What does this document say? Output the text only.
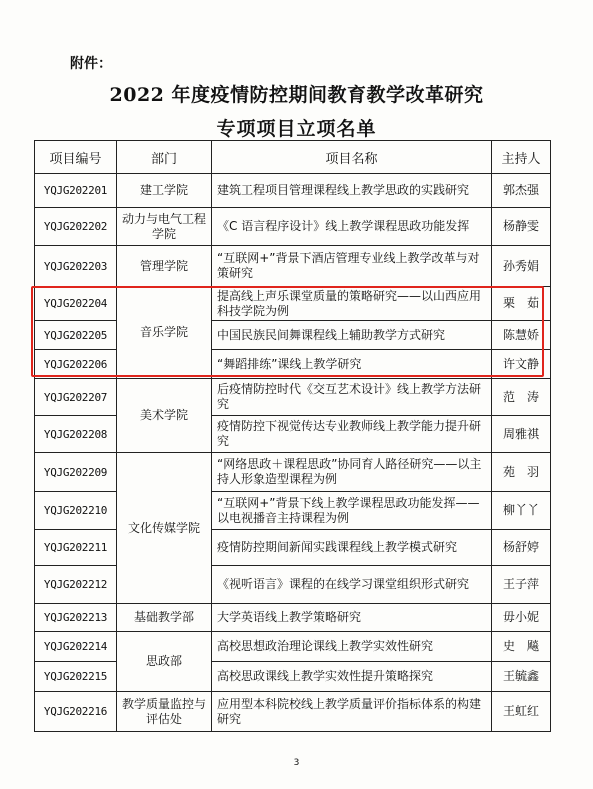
附件：
2022 年度疫情防控期间教育教学改革研究
专项项目立项名单
项目编号	部门	项目名称	主持人
YQJG202201	建工学院	建筑工程项目管理课程线上教学思政的实践研究	郭杰强
YQJG202202	动力与电气工程学院	《C 语言程序设计》线上教学课程思政功能发挥	杨静雯
YQJG202203	管理学院	“互联网+”背景下酒店管理专业线上教学改革与对策研究	孙秀娟
YQJG202204	音乐学院	提高线上声乐课堂质量的策略研究——以山西应用科技学院为例	栗　茹
YQJG202205		中国民族民间舞课程线上辅助教学方式研究	陈慧娇
YQJG202206		“舞蹈排练”课线上教学研究	许文静
YQJG202207	美术学院	后疫情防控时代《交互艺术设计》线上教学方法研究	范　涛
YQJG202208		疫情防控下视觉传达专业教师线上教学能力提升研究	周雅祺
YQJG202209	文化传媒学院	“网络思政＋课程思政”协同育人路径研究——以主持人形象造型课程为例	苑　羽
YQJG202210		“互联网+”背景下线上教学课程思政功能发挥——以电视播音主持课程为例	柳丫丫
YQJG202211		疫情防控期间新闻实践课程线上教学模式研究	杨舒婷
YQJG202212		《视听语言》课程的在线学习课堂组织形式研究	王子萍
YQJG202213	基础教学部	大学英语线上教学策略研究	毋小妮
YQJG202214	思政部	高校思想政治理论课线上教学实效性研究	史　飚
YQJG202215		高校思政课线上教学实效性提升策略探究	王毓鑫
YQJG202216	教学质量监控与评估处	应用型本科院校线上教学质量评价指标体系的构建研究	王虹红
3
